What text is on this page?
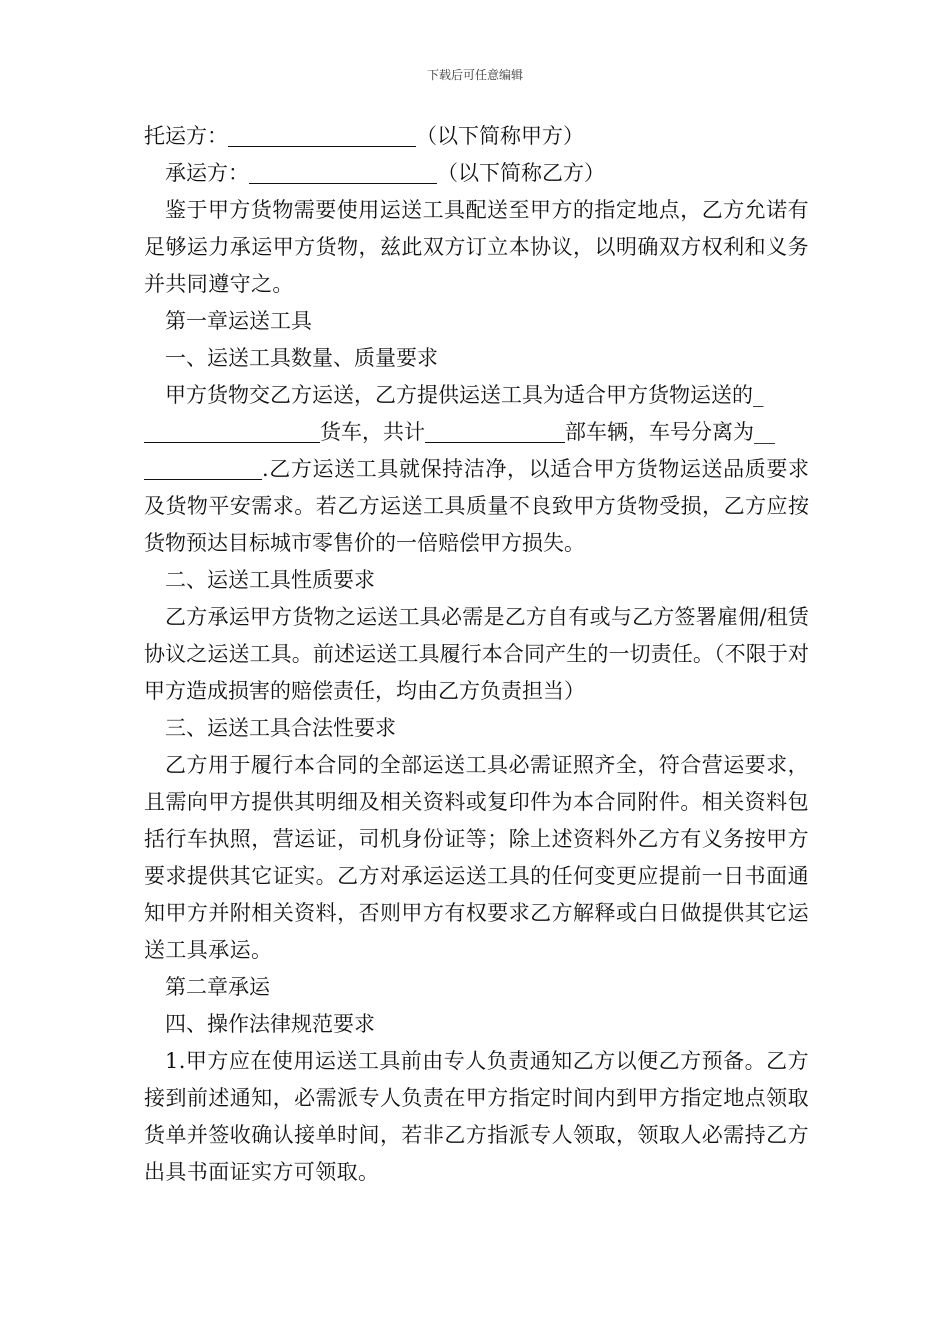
下载后可任意编辑
托运方：	（以下简称甲方）
承运方：	（以下简称乙方）
鉴于甲方货物需要使用运送工具配送至甲方的指定地点，乙方允诺有足够运力承运甲方货物，兹此双方订立本协议，以明确双方权利和义务并共同遵守之。
第一章运送工具
一、运送工具数量、质量要求
甲方货物交乙方运送，乙方提供运送工具为适合甲方货物运送的_
货车，共计	部车辆，车号分离为__
.乙方运送工具就保持洁净，以适合甲方货物运送品质要求及货物平安需求。若乙方运送工具质量不良致甲方货物受损，乙方应按货物预达目标城市零售价的一倍赔偿甲方损失。
二、运送工具性质要求
乙方承运甲方货物之运送工具必需是乙方自有或与乙方签署雇佣/租赁协议之运送工具。前述运送工具履行本合同产生的一切责任。（不限于对甲方造成损害的赔偿责任，均由乙方负责担当）
三、运送工具合法性要求
乙方用于履行本合同的全部运送工具必需证照齐全，符合营运要求，且需向甲方提供其明细及相关资料或复印件为本合同附件。相关资料包括行车执照，营运证，司机身份证等；除上述资料外乙方有义务按甲方要求提供其它证实。乙方对承运运送工具的任何变更应提前一日书面通知甲方并附相关资料，否则甲方有权要求乙方解释或白日做提供其它运送工具承运。
第二章承运
四、操作法律规范要求
1.甲方应在使用运送工具前由专人负责通知乙方以便乙方预备。乙方接到前述通知，必需派专人负责在甲方指定时间内到甲方指定地点领取货单并签收确认接单时间，若非乙方指派专人领取，领取人必需持乙方出具书面证实方可领取。
